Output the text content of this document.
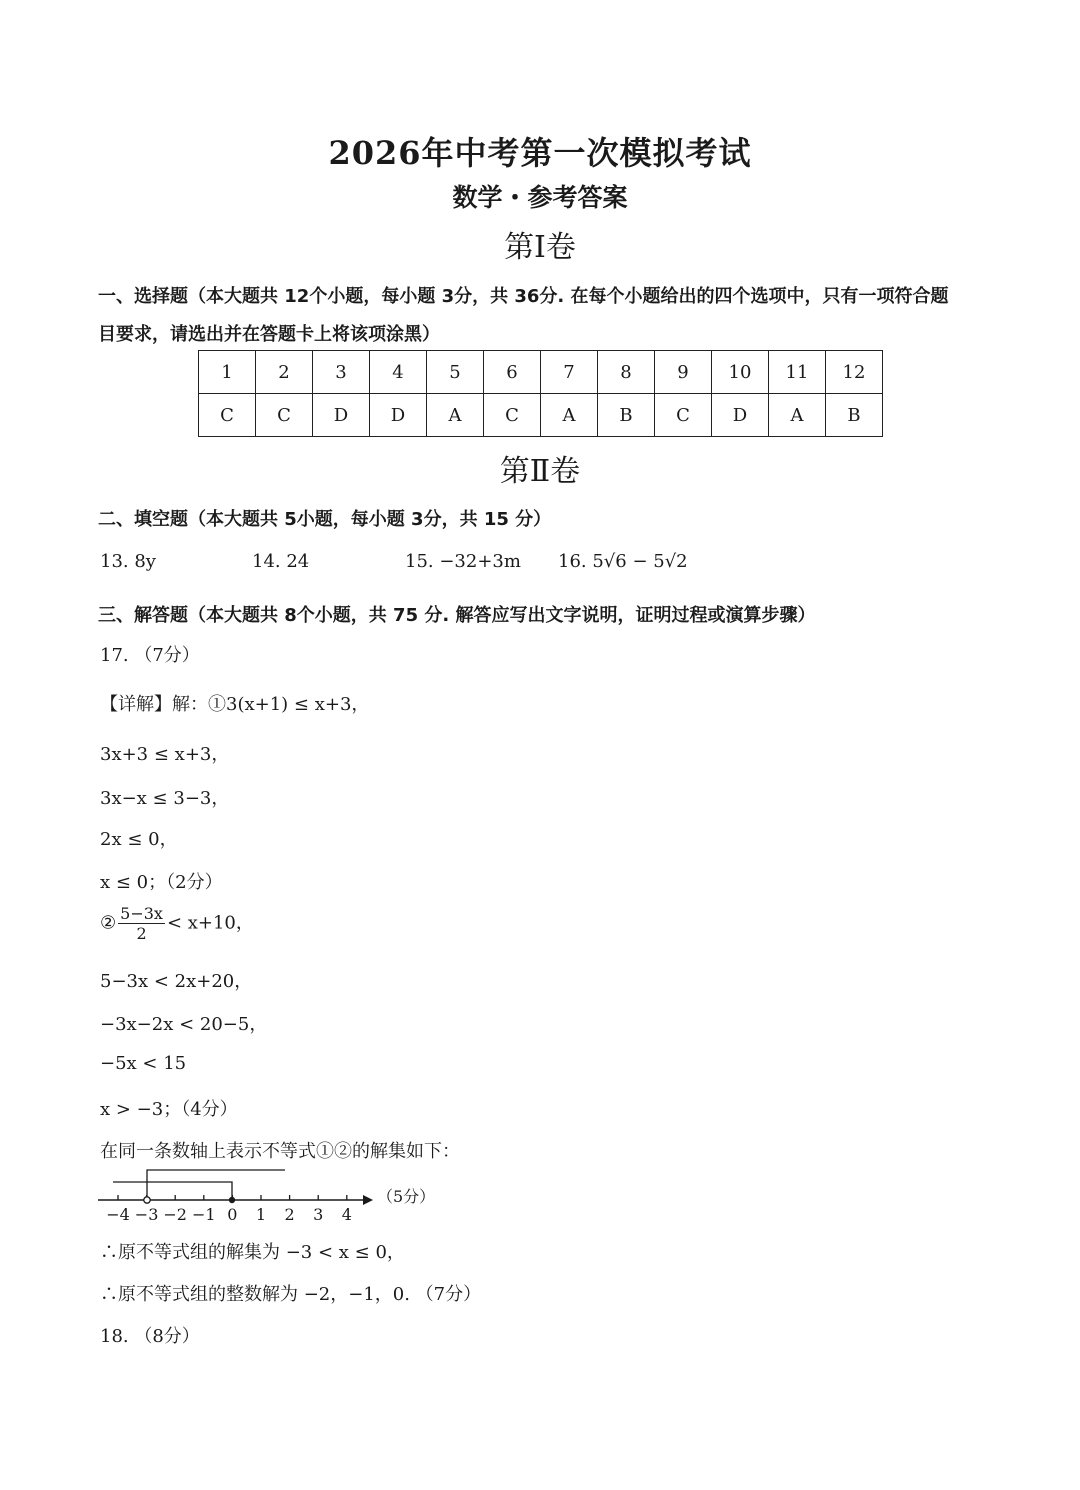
2026年中考第一次模拟考试
数学・参考答案
第Ⅰ卷
一、选择题（本大题共 12个小题，每小题 3分，共 36分. 在每个小题给出的四个选项中，只有一项符合题
目要求，请选出并在答题卡上将该项涂黑）
1	2	3	4	5	6	7	8	9	10	11	12
C	C	D	D	A	C	A	B	C	D	A	B
第Ⅱ卷
二、填空题（本大题共 5小题，每小题 3分，共 15 分）
13. 8y	14. 24	15. −32+3m 16. 5√6 − 5√2
三、解答题（本大题共 8个小题，共 75 分. 解答应写出文字说明，证明过程或演算步骤）
17. （7分）
【详解】解：①3(x+1) ≤ x+3，
3x+3 ≤ x+3，
3x−x ≤ 3−3，
2x ≤ 0，
x ≤ 0；（2分）
② $\frac{5-3x}{2} < x+10$，
5−3x < 2x+20，
−3x−2x < 20−5，
−5x < 15
x > −3；（4分）
在同一条数轴上表示不等式①②的解集如下：
−4 −3 −2 −1 0 1 2 3 4
（5分）
∴原不等式组的解集为 −3 < x ≤ 0，
∴原不等式组的整数解为 −2，−1，0. （7分）
18. （8分）
